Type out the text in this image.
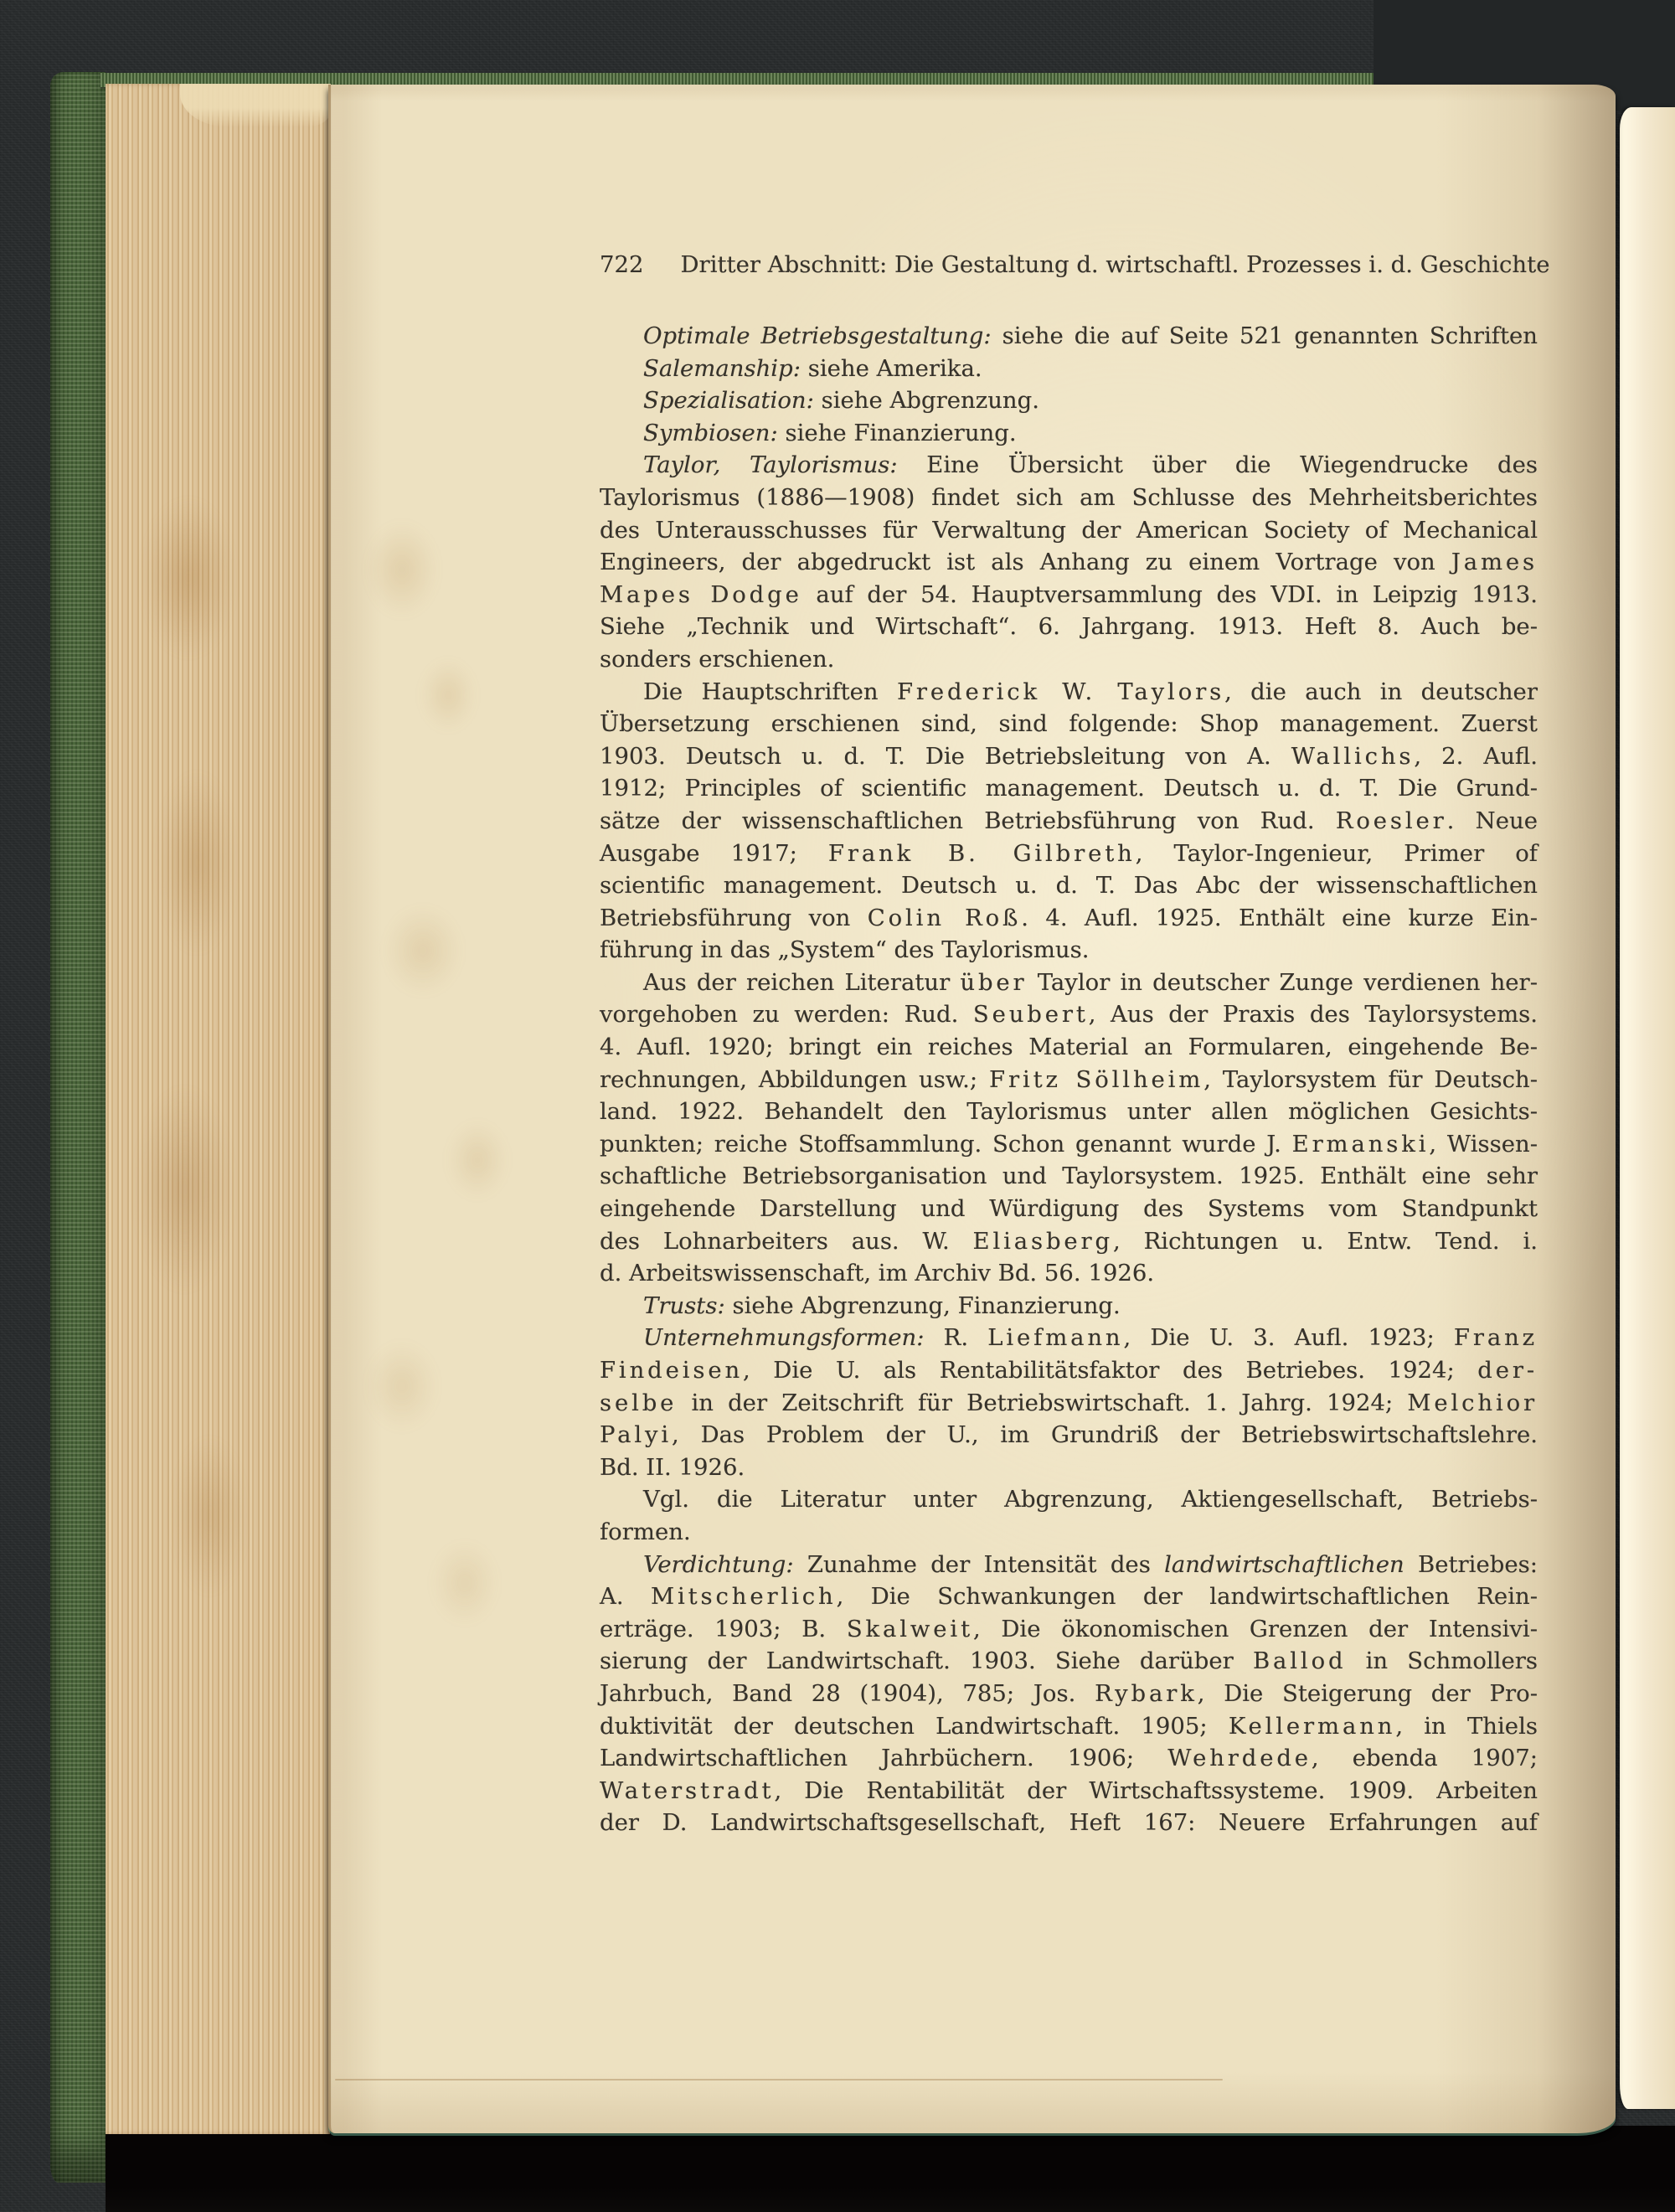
722 Dritter Abschnitt: Die Gestaltung d. wirtschaftl. Prozesses i. d. Geschichte
Optimale Betriebsgestaltung: siehe die auf Seite 521 genannten Schriften
Salemanship: siehe Amerika.
Spezialisation: siehe Abgrenzung.
Symbiosen: siehe Finanzierung.
Taylor, Taylorismus: Eine Übersicht über die Wiegendrucke des
Taylorismus (1886—1908) findet sich am Schlusse des Mehrheitsberichtes
des Unterausschusses für Verwaltung der American Society of Mechanical
Engineers, der abgedruckt ist als Anhang zu einem Vortrage von James
Mapes Dodge auf der 54. Hauptversammlung des VDI. in Leipzig 1913.
Siehe „Technik und Wirtschaft“. 6. Jahrgang. 1913. Heft 8. Auch be-
sonders erschienen.
Die Hauptschriften Frederick W. Taylors, die auch in deutscher
Übersetzung erschienen sind, sind folgende: Shop management. Zuerst
1903. Deutsch u. d. T. Die Betriebsleitung von A. Wallichs, 2. Aufl.
1912; Principles of scientific management. Deutsch u. d. T. Die Grund-
sätze der wissenschaftlichen Betriebsführung von Rud. Roesler. Neue
Ausgabe 1917; Frank B. Gilbreth, Taylor-Ingenieur, Primer of
scientific management. Deutsch u. d. T. Das Abc der wissenschaftlichen
Betriebsführung von Colin Roß. 4. Aufl. 1925. Enthält eine kurze Ein-
führung in das „System“ des Taylorismus.
Aus der reichen Literatur über Taylor in deutscher Zunge verdienen her-
vorgehoben zu werden: Rud. Seubert, Aus der Praxis des Taylorsystems.
4. Aufl. 1920; bringt ein reiches Material an Formularen, eingehende Be-
rechnungen, Abbildungen usw.; Fritz Söllheim, Taylorsystem für Deutsch-
land. 1922. Behandelt den Taylorismus unter allen möglichen Gesichts-
punkten; reiche Stoffsammlung. Schon genannt wurde J. Ermanski, Wissen-
schaftliche Betriebsorganisation und Taylorsystem. 1925. Enthält eine sehr
eingehende Darstellung und Würdigung des Systems vom Standpunkt
des Lohnarbeiters aus. W. Eliasberg, Richtungen u. Entw. Tend. i.
d. Arbeitswissenschaft, im Archiv Bd. 56. 1926.
Trusts: siehe Abgrenzung, Finanzierung.
Unternehmungsformen: R. Liefmann, Die U. 3. Aufl. 1923; Franz
Findeisen, Die U. als Rentabilitätsfaktor des Betriebes. 1924; der-
selbe in der Zeitschrift für Betriebswirtschaft. 1. Jahrg. 1924; Melchior
Palyi, Das Problem der U., im Grundriß der Betriebswirtschaftslehre.
Bd. II. 1926.
Vgl. die Literatur unter Abgrenzung, Aktiengesellschaft, Betriebs-
formen.
Verdichtung: Zunahme der Intensität des landwirtschaftlichen Betriebes:
A. Mitscherlich, Die Schwankungen der landwirtschaftlichen Rein-
erträge. 1903; B. Skalweit, Die ökonomischen Grenzen der Intensivi-
sierung der Landwirtschaft. 1903. Siehe darüber Ballod in Schmollers
Jahrbuch, Band 28 (1904), 785; Jos. Rybark, Die Steigerung der Pro-
duktivität der deutschen Landwirtschaft. 1905; Kellermann, in Thiels
Landwirtschaftlichen Jahrbüchern. 1906; Wehrdede, ebenda 1907;
Waterstradt, Die Rentabilität der Wirtschaftssysteme. 1909. Arbeiten
der D. Landwirtschaftsgesellschaft, Heft 167: Neuere Erfahrungen auf
